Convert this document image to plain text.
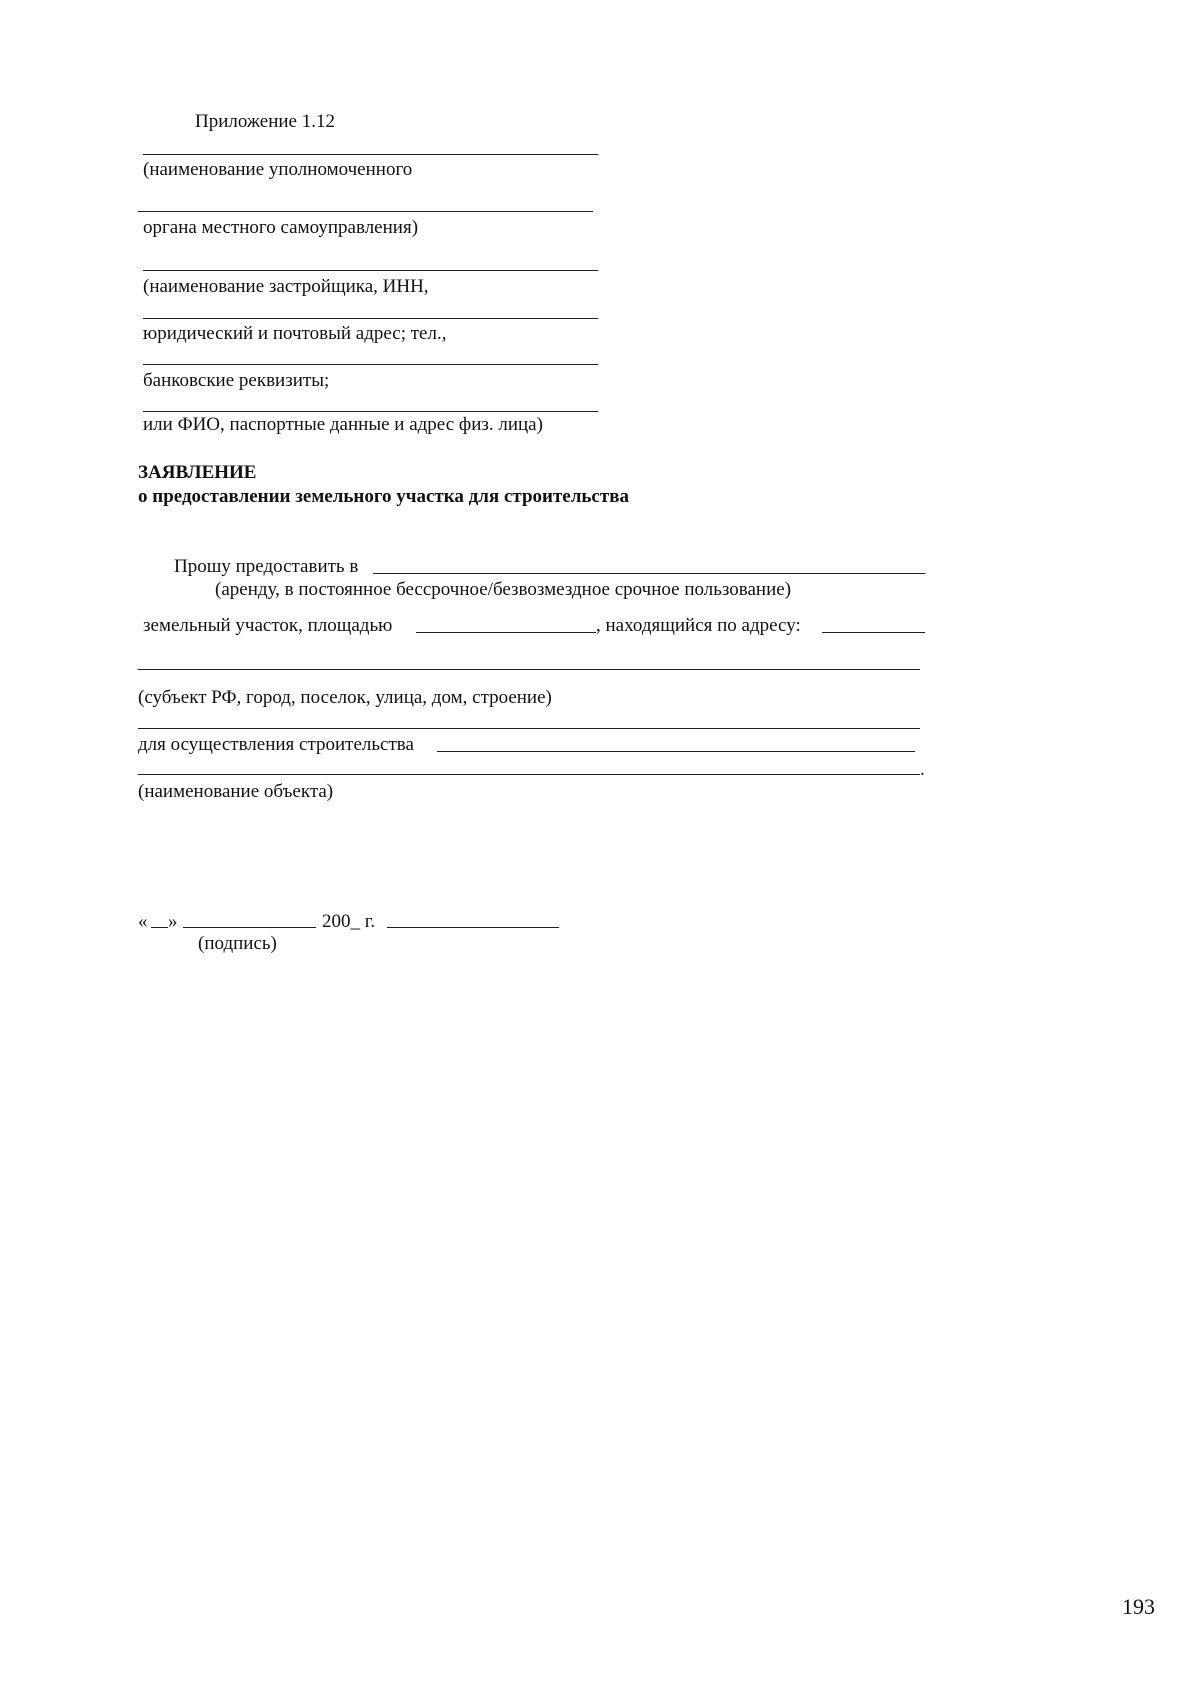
Приложение 1.12
(наименование уполномоченного
органа местного самоуправления)
(наименование застройщика, ИНН,
юридический и почтовый адрес; тел.,
банковские реквизиты;
или ФИО, паспортные данные и адрес физ. лица)
ЗАЯВЛЕНИЕ
о предоставлении земельного участка для строительства
Прошу предоставить в
(аренду, в постоянное бессрочное/безвозмездное срочное пользование)
земельный участок, площадью	, находящийся по адресу:
(субъект РФ, город, поселок, улица, дом, строение)
для осуществления строительства
.
(наименование объекта)
« »	200_ г.
(подпись)
193
